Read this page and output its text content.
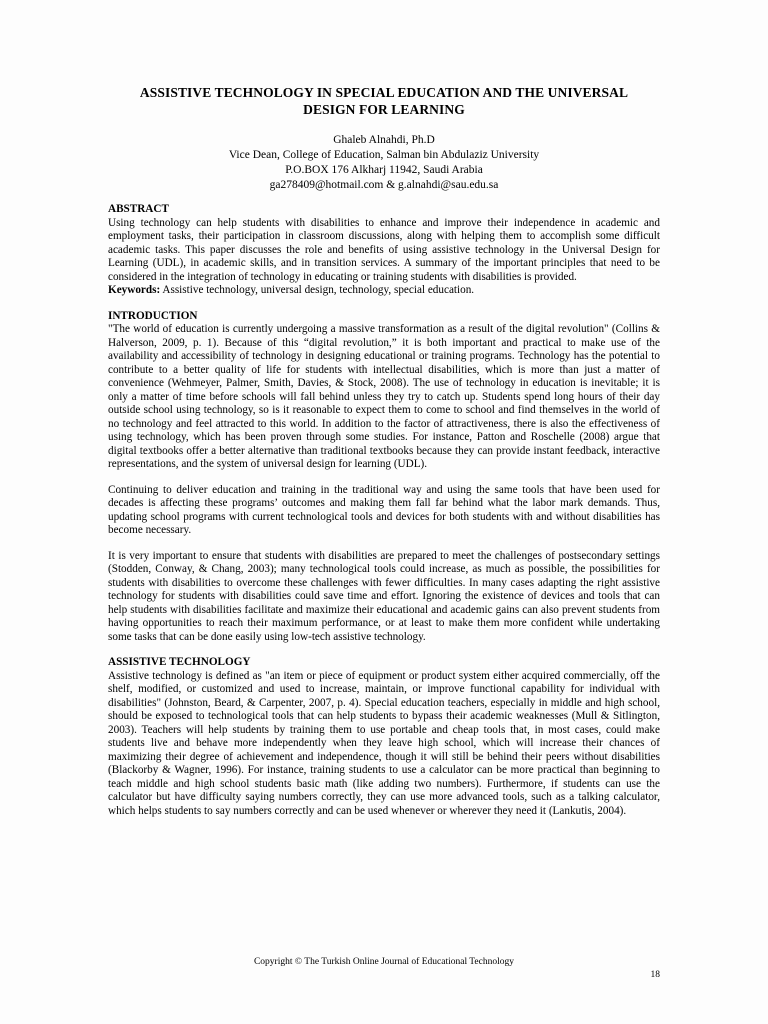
ASSISTIVE TECHNOLOGY IN SPECIAL EDUCATION AND THE UNIVERSAL
DESIGN FOR LEARNING
Ghaleb Alnahdi, Ph.D
Vice Dean, College of Education, Salman bin Abdulaziz University
P.O.BOX 176 Alkharj 11942, Saudi Arabia
ga278409@hotmail.com & g.alnahdi@sau.edu.sa

ABSTRACT

Using technology can help students with disabilities to enhance and improve their independence in academic and employment tasks, their participation in classroom discussions, along with helping them to accomplish some difficult academic tasks. This paper discusses the role and benefits of using assistive technology in the Universal Design for Learning (UDL), in academic skills, and in transition services. A summary of the important principles that need to be considered in the integration of technology in educating or training students with disabilities is provided.

Keywords: Assistive technology, universal design, technology, special education.

INTRODUCTION

"The world of education is currently undergoing a massive transformation as a result of the digital revolution" (Collins & Halverson, 2009, p. 1). Because of this “digital revolution,” it is both important and practical to make use of the availability and accessibility of technology in designing educational or training programs. Technology has the potential to contribute to a better quality of life for students with intellectual disabilities, which is more than just a matter of convenience (Wehmeyer, Palmer, Smith, Davies, & Stock, 2008). The use of technology in education is inevitable; it is only a matter of time before schools will fall behind unless they try to catch up. Students spend long hours of their day outside school using technology, so is it reasonable to expect them to come to school and find themselves in the world of no technology and feel attracted to this world. In addition to the factor of attractiveness, there is also the effectiveness of using technology, which has been proven through some studies. For instance, Patton and Roschelle (2008) argue that digital textbooks offer a better alternative than traditional textbooks because they can provide instant feedback, interactive representations, and the system of universal design for learning (UDL).

Continuing to deliver education and training in the traditional way and using the same tools that have been used for decades is affecting these programs’ outcomes and making them fall far behind what the labor mark demands. Thus, updating school programs with current technological tools and devices for both students with and without disabilities has become necessary.

It is very important to ensure that students with disabilities are prepared to meet the challenges of postsecondary settings (Stodden, Conway, & Chang, 2003); many technological tools could increase, as much as possible, the possibilities for students with disabilities to overcome these challenges with fewer difficulties. In many cases adapting the right assistive technology for students with disabilities could save time and effort. Ignoring the existence of devices and tools that can help students with disabilities facilitate and maximize their educational and academic gains can also prevent students from having opportunities to reach their maximum performance, or at least to make them more confident while undertaking some tasks that can be done easily using low-tech assistive technology.

ASSISTIVE TECHNOLOGY

Assistive technology is defined as "an item or piece of equipment or product system either acquired commercially, off the shelf, modified, or customized and used to increase, maintain, or improve functional capability for individual with disabilities" (Johnston, Beard, & Carpenter, 2007, p. 4). Special education teachers, especially in middle and high school, should be exposed to technological tools that can help students to bypass their academic weaknesses (Mull & Sitlington, 2003). Teachers will help students by training them to use portable and cheap tools that, in most cases, could make students live and behave more independently when they leave high school, which will increase their chances of maximizing their degree of achievement and independence, though it will still be behind their peers without disabilities (Blackorby & Wagner, 1996). For instance, training students to use a calculator can be more practical than beginning to teach middle and high school students basic math (like adding two numbers). Furthermore, if students can use the calculator but have difficulty saying numbers correctly, they can use more advanced tools, such as a talking calculator, which helps students to say numbers correctly and can be used whenever or wherever they need it (Lankutis, 2004).

Copyright © The Turkish Online Journal of Educational Technology
18
